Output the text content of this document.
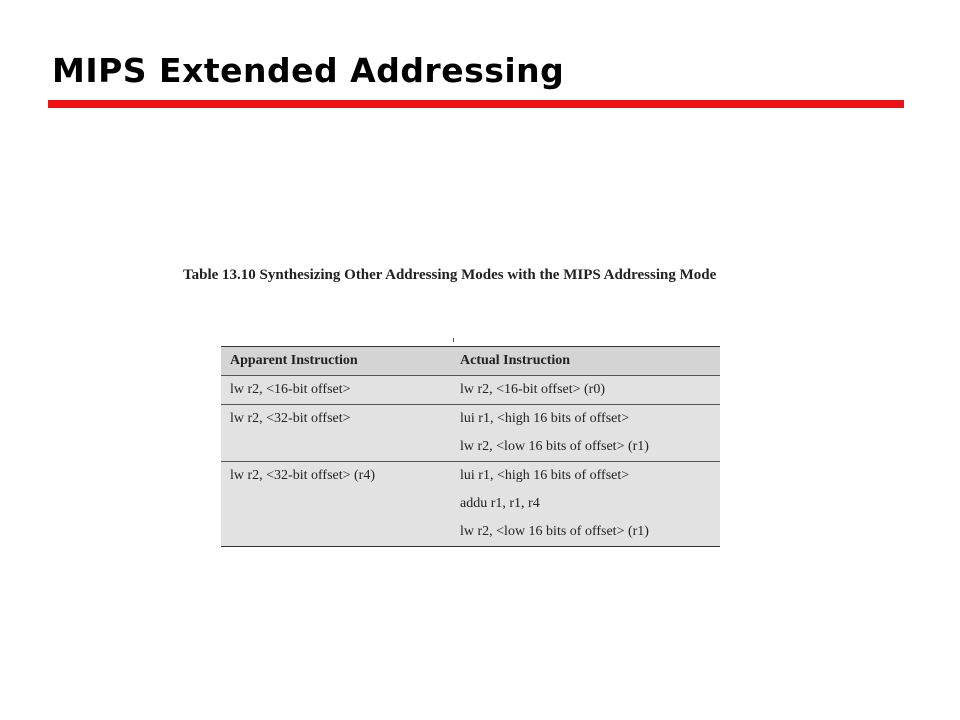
MIPS Extended Addressing
Table 13.10 Synthesizing Other Addressing Modes with the MIPS Addressing Mode
Apparent Instruction	Actual Instruction
lw r2, <16-bit offset>	lw r2, <16-bit offset> (r0)
lw r2, <32-bit offset>	lui r1, <high 16 bits of offset>
lw r2, <low 16 bits of offset> (r1)
lw r2, <32-bit offset> (r4)	lui r1, <high 16 bits of offset>
addu r1, r1, r4
lw r2, <low 16 bits of offset> (r1)
